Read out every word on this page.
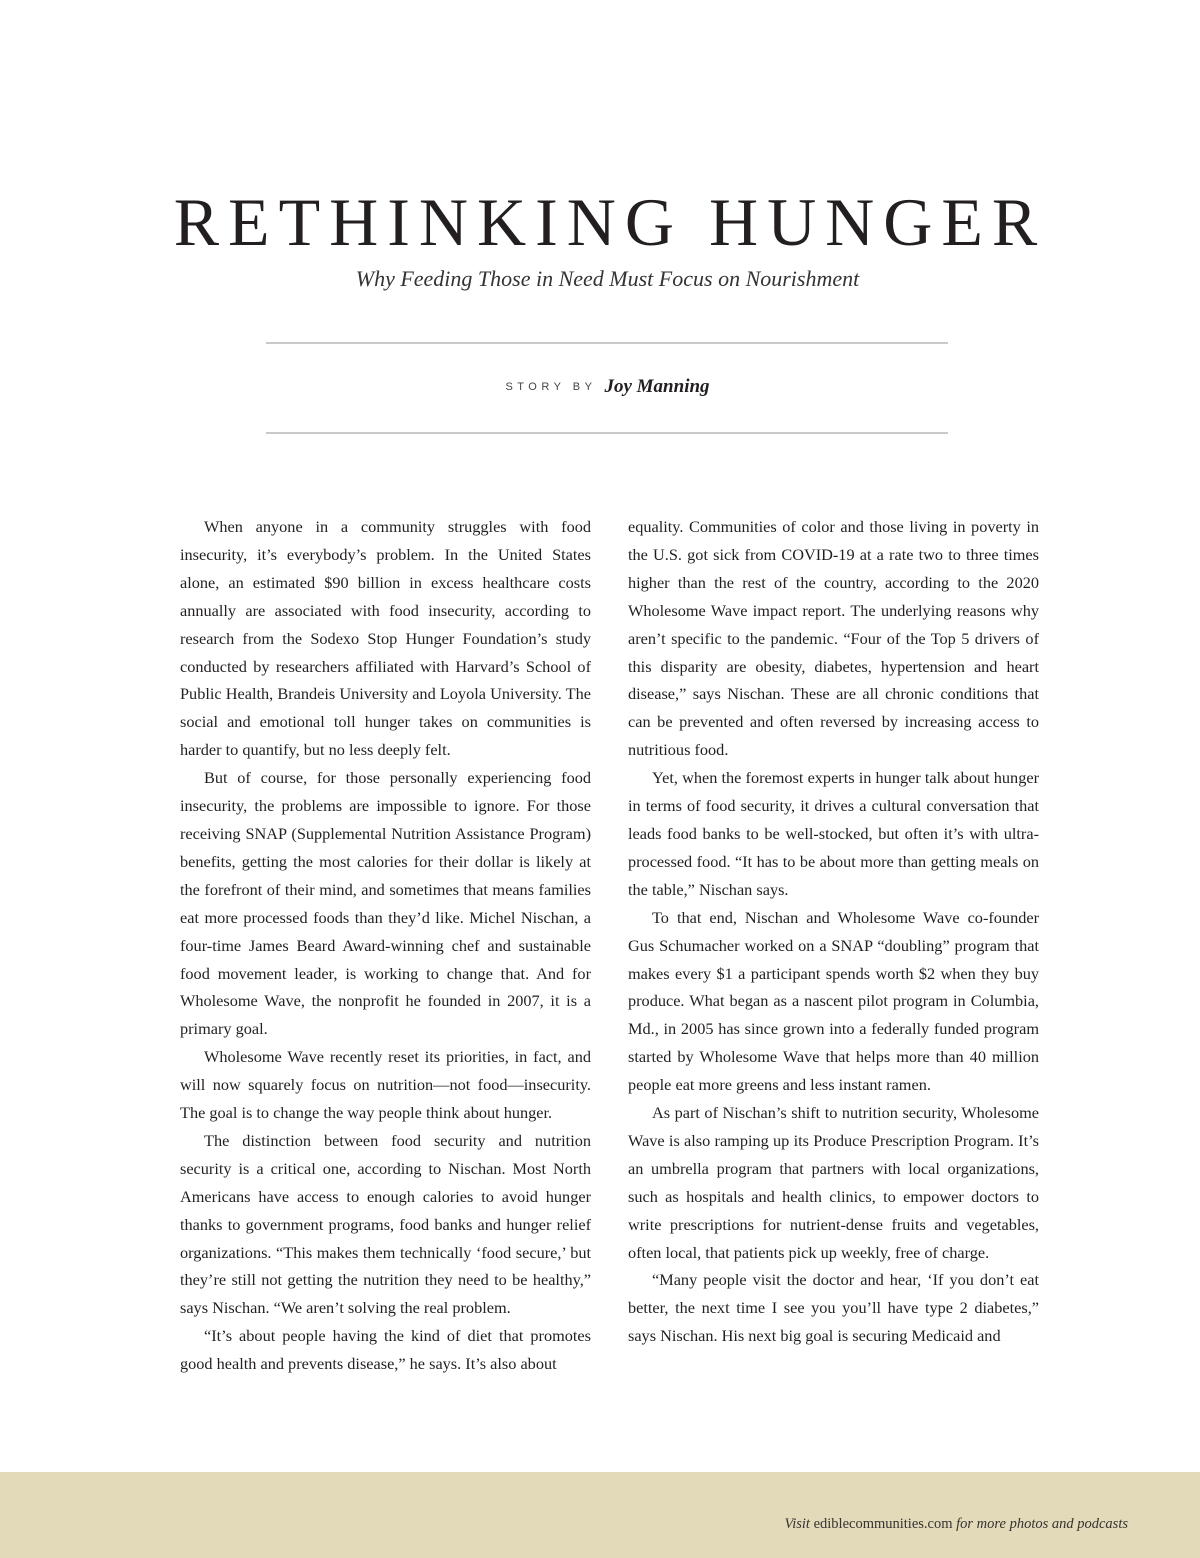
RETHINKING HUNGER

Why Feeding Those in Need Must Focus on Nourishment

STORY BY Joy Manning

When anyone in a community struggles with food insecurity, it’s everybody’s problem. In the United States alone, an estimated $90 billion in excess healthcare costs annually are associated with food insecurity, according to research from the Sodexo Stop Hunger Foundation’s study conducted by researchers affiliated with Harvard’s School of Public Health, Brandeis University and Loyola University. The social and emotional toll hunger takes on communities is harder to quantify, but no less deeply felt.

But of course, for those personally experiencing food insecurity, the problems are impossible to ignore. For those receiving SNAP (Supplemental Nutrition Assistance Program) benefits, getting the most calories for their dollar is likely at the forefront of their mind, and sometimes that means families eat more processed foods than they’d like. Michel Nischan, a four-time James Beard Award-winning chef and sustainable food movement leader, is working to change that. And for Wholesome Wave, the nonprofit he founded in 2007, it is a primary goal.

Wholesome Wave recently reset its priorities, in fact, and will now squarely focus on nutrition—not food—insecurity. The goal is to change the way people think about hunger.

The distinction between food security and nutrition security is a critical one, according to Nischan. Most North Americans have access to enough calories to avoid hunger thanks to government programs, food banks and hunger relief organizations. “This makes them technically ‘food secure,’ but they’re still not getting the nutrition they need to be healthy,” says Nischan. “We aren’t solving the real problem.

“It’s about people having the kind of diet that promotes good health and prevents disease,” he says. It’s also about

equality. Communities of color and those living in poverty in the U.S. got sick from COVID-19 at a rate two to three times higher than the rest of the country, according to the 2020 Wholesome Wave impact report. The underlying reasons why aren’t specific to the pandemic. “Four of the Top 5 drivers of this disparity are obesity, diabetes, hypertension and heart disease,” says Nischan. These are all chronic conditions that can be prevented and often reversed by increasing access to nutritious food.

Yet, when the foremost experts in hunger talk about hunger in terms of food security, it drives a cultural conversation that leads food banks to be well-stocked, but often it’s with ultra-processed food. “It has to be about more than getting meals on the table,” Nischan says.

To that end, Nischan and Wholesome Wave co-founder Gus Schumacher worked on a SNAP “doubling” program that makes every $1 a participant spends worth $2 when they buy produce. What began as a nascent pilot program in Columbia, Md., in 2005 has since grown into a federally funded program started by Wholesome Wave that helps more than 40 million people eat more greens and less instant ramen.

As part of Nischan’s shift to nutrition security, Wholesome Wave is also ramping up its Produce Prescription Program. It’s an umbrella program that partners with local organizations, such as hospitals and health clinics, to empower doctors to write prescriptions for nutrient-dense fruits and vegetables, often local, that patients pick up weekly, free of charge.

“Many people visit the doctor and hear, ‘If you don’t eat better, the next time I see you you’ll have type 2 diabetes,” says Nischan. His next big goal is securing Medicaid and

Visit ediblecommunities.com for more photos and podcasts
